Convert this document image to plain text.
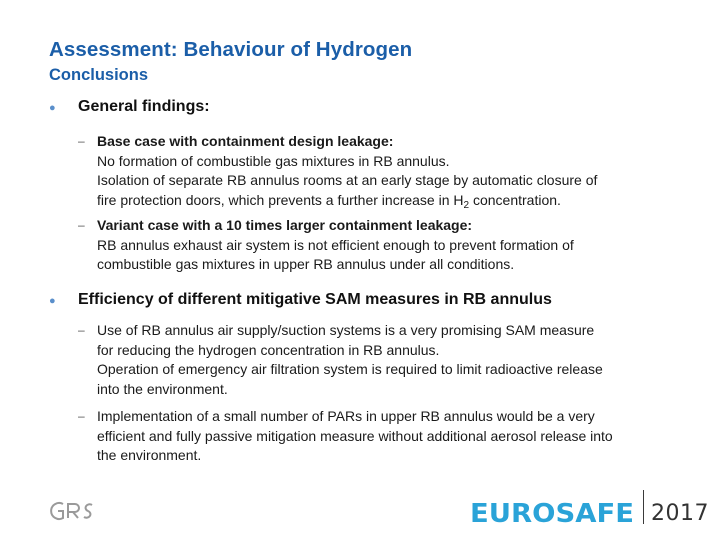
Assessment: Behaviour of Hydrogen
Conclusions
●	General findings:
– Base case with containment design leakage:
No formation of combustible gas mixtures in RB annulus.
Isolation of separate RB annulus rooms at an early stage by automatic closure of
fire protection doors, which prevents a further increase in $H_2$ concentration.
– Variant case with a 10 times larger containment leakage:
RB annulus exhaust air system is not efficient enough to prevent formation of
combustible gas mixtures in upper RB annulus under all conditions.
●	Efficiency of different mitigative SAM measures in RB annulus
– Use of RB annulus air supply/suction systems is a very promising SAM measure
for reducing the hydrogen concentration in RB annulus.
Operation of emergency air filtration system is required to limit radioactive release
into the environment.
– Implementation of a small number of PARs in upper RB annulus would be a very
efficient and fully passive mitigation measure without additional aerosol release into
the environment.
GRS
EUROSAFE 2017
